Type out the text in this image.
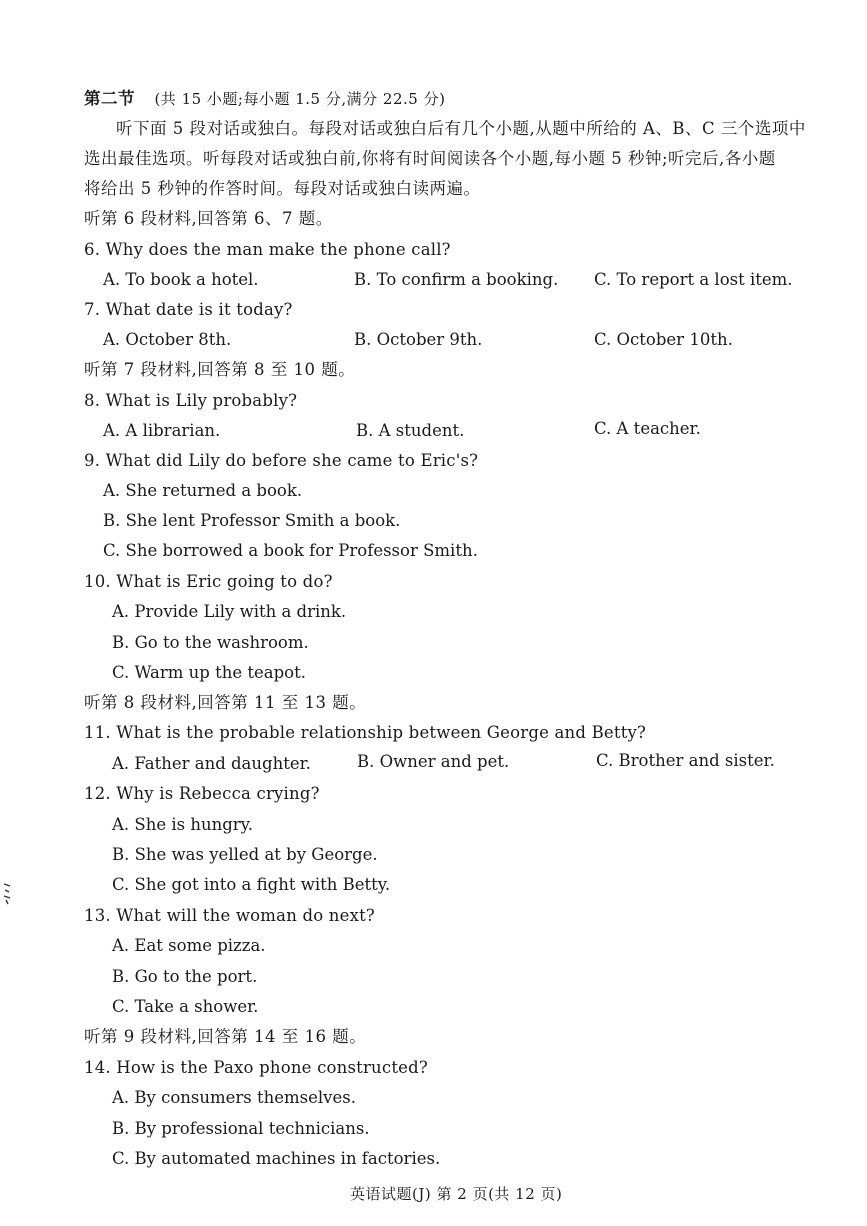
第二节 (共 15 小题;每小题 1.5 分,满分 22.5 分)
听下面 5 段对话或独白。每段对话或独白后有几个小题,从题中所给的 A、B、C 三个选项中
选出最佳选项。听每段对话或独白前,你将有时间阅读各个小题,每小题 5 秒钟;听完后,各小题
将给出 5 秒钟的作答时间。每段对话或独白读两遍。
听第 6 段材料,回答第 6、7 题。
6. Why does the man make the phone call?
A. To book a hotel.	B. To confirm a booking. C. To report a lost item.
7. What date is it today?
A. October 8th.	B. October 9th.	C. October 10th.
听第 7 段材料,回答第 8 至 10 题。
8. What is Lily probably?
A. A librarian.	B. A student.	C. A teacher.
9. What did Lily do before she came to Eric's?
A. She returned a book.
B. She lent Professor Smith a book.
C. She borrowed a book for Professor Smith.
10. What is Eric going to do?
A. Provide Lily with a drink.
B. Go to the washroom.
C. Warm up the teapot.
听第 8 段材料,回答第 11 至 13 题。
11. What is the probable relationship between George and Betty?
A. Father and daughter.	B. Owner and pet.	C. Brother and sister.
12. Why is Rebecca crying?
A. She is hungry.
B. She was yelled at by George.
C. She got into a fight with Betty.
13. What will the woman do next?
A. Eat some pizza.
B. Go to the port.
C. Take a shower.
听第 9 段材料,回答第 14 至 16 题。
14. How is the Paxo phone constructed?
A. By consumers themselves.
B. By professional technicians.
C. By automated machines in factories.
英语试题(J) 第 2 页(共 12 页)
